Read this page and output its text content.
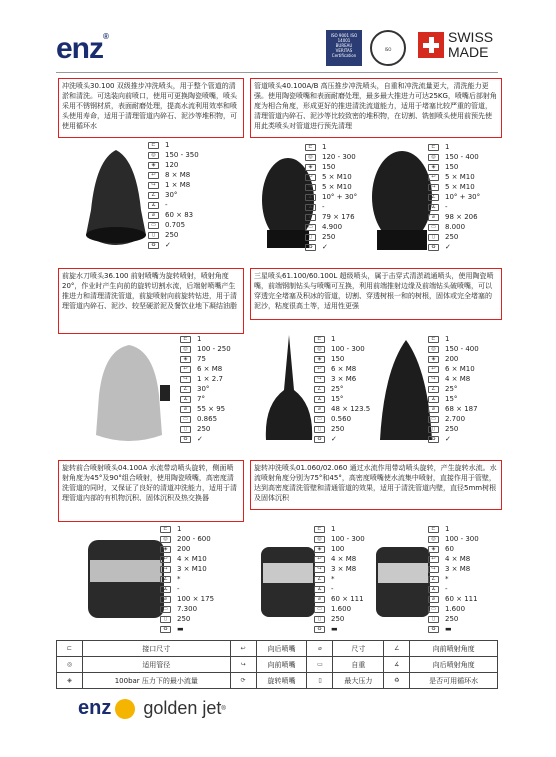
enz®	ISO 9001 ISO 14001 BUREAU VERITAS Certification
ISO
SWISS
MADE
冲洗喷头30.100 双级推步冲洗喷头，用于整个管道的清淤和清洗。可选装向前喷口，使用可更换陶瓷喷嘴，喷头采用不锈钢材质，表面耐磨处理，提高水流利用效率和喷头使用寿命，适用于清理管道内碎石、泥沙等堆积物，可使用循环水
管道喷头40.100A/B 高压推步冲洗喷头，自重和冲洗流量更大，清洗能力更强。使用陶瓷喷嘴和表面耐磨处理，最多最大推进力可达25KG，喷嘴后部射角度为相合角度，形成更好的推进清洗流道能力，适用于堵塞比较严重的管道，清理管道内碎石、泥沙等比较致密的堆积物，在切割、铣刨喷头使用前预先使用此类喷头对管道进行预先清理
前旋水刀喷头36.100 前射喷嘴为旋转喷射，喷射角度20°，作业时产生向前的旋转切割水流，后端射喷嘴产生推进力和清理清洗管道，前旋喷射向前旋转钻进，用于清理管道内碎石、泥沙、较坚硬淤泥及餐饮业地下凝结油脂
三星喷头61.100/60.100L 超级喷头，属于击穿式清淤疏通喷头，使用陶瓷喷嘴，前端钢制钻头与喷嘴可互换，利用前端推射边缘及前端钻头破喷嘴，可以穿透完全堵塞及积冰的管道，切割、穿透树根一和的树根，固体或完全堵塞的泥沙，粘度很高土等，适用性更强
旋转前合喷射喷头04.100A 水流带动喷头旋转，侧面喷射角度为45°及90°组合喷射，使用陶瓷喷嘴，高密度清洗管道的同时，又保证了良好的清道冲洗能力，适用于清理管道内部的有机物沉积、固体沉积及热交换器
旋转冲洗喷头01.060/02.060 通过水流作用带动喷头旋转，产生旋转水流。水流喷射角度分别为75°和45°，高密度喷嘴使水流集中喷射，直接作用于管壁，达到高密度清洗管壁和清通管道的效果，适用于清洗管道内壁，直径5mm树根及固体沉积
⊏	1
◎	150 - 350
◈	120
↩	8 × M8
↪	1 × M8
∠	30°
∡	-
⌀	60 × 83
▭	0.705
▯	250
♻	✓
⊏	1
◎	120 - 300
◈	150
↩	5 × M10
↪	5 × M10
∠	10° + 30°
∡	-
⌀	79 × 176
▭	4.900
▯	250
♻	✓
⊏	1
◎	150 - 400
◈	150
↩	5 × M10
↪	5 × M10
∠	10° + 30°
∡	-
⌀	98 × 206
▭	8.000
▯	250
♻	✓
⊏	1
◎	100 - 250
◈	75
↩	6 × M8
↪	1 × 2.7
∠	30°
∡	7°
⌀	55 × 95
▭	0.865
▯	250
♻	✓
⊏	1
◎	100 - 300
◈	150
↩	6 × M8
↪	3 × M6
∠	25°
∡	15°
⌀	48 × 123.5
▭	0.560
▯	250
♻	✓
⊏	1
◎	150 - 400
◈	200
↩	6 × M10
↪	4 × M8
∠	25°
∡	15°
⌀	68 × 187
▭	2.700
▯	250
♻	✓
⊏	1
◎	200 - 600
◈	200
↩	4 × M10
↪	3 × M10
∠	*
∡	-
⌀	100 × 175
▭	7.300
▯	250
♻	▬
⊏	1
◎	100 - 300
◈	100
↩	4 × M8
↪	3 × M8
∠	*
∡	-
⌀	60 × 111
▭	1.600
▯	250
♻	▬
⊏	1
◎	100 - 300
◈	60
↩	4 × M8
↪	3 × M8
∠	*
∡	-
⌀	60 × 111
▭	1.600
▯	250
♻	▬
⊏	接口尺寸	↩	向后喷嘴	⌀	尺寸	∠	向前喷射角度
◎	适用管径	↪	向前喷嘴	▭	自重	∡	向后喷射角度
◈	100bar 压力下的最小流量	⟳	旋转喷嘴	▯	最大压力	♻	是否可用循环水
enz golden jet ®
